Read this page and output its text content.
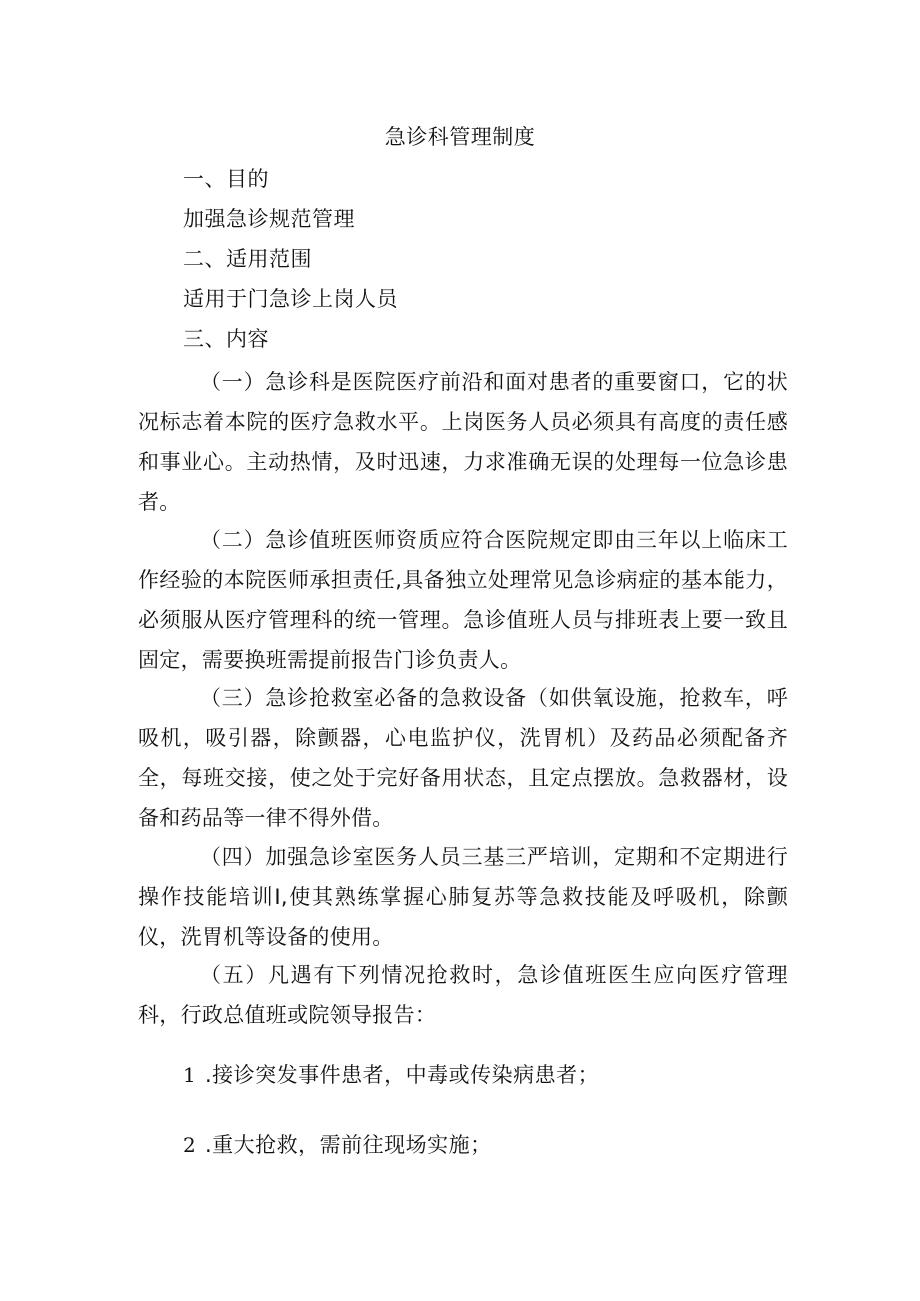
急诊科管理制度
一、目的
加强急诊规范管理
二、适用范围
适用于门急诊上岗人员
三、内容
（一）急诊科是医院医疗前沿和面对患者的重要窗口，它的状况标志着本院的医疗急救水平。上岗医务人员必须具有高度的责任感和事业心。主动热情，及时迅速，力求准确无误的处理每一位急诊患者。
（二）急诊值班医师资质应符合医院规定即由三年以上临床工作经验的本院医师承担责任,具备独立处理常见急诊病症的基本能力，必须服从医疗管理科的统一管理。急诊值班人员与排班表上要一致且固定，需要换班需提前报告门诊负责人。
（三）急诊抢救室必备的急救设备（如供氧设施，抢救车，呼吸机，吸引器，除颤器，心电监护仪，洗胃机）及药品必须配备齐全，每班交接，使之处于完好备用状态，且定点摆放。急救器材，设备和药品等一律不得外借。
（四）加强急诊室医务人员三基三严培训，定期和不定期进行操作技能培训I,使其熟练掌握心肺复苏等急救技能及呼吸机，除颤仪，洗胃机等设备的使用。
（五）凡遇有下列情况抢救时，急诊值班医生应向医疗管理科，行政总值班或院领导报告：
1 .接诊突发事件患者，中毒或传染病患者；
2 .重大抢救，需前往现场实施；
